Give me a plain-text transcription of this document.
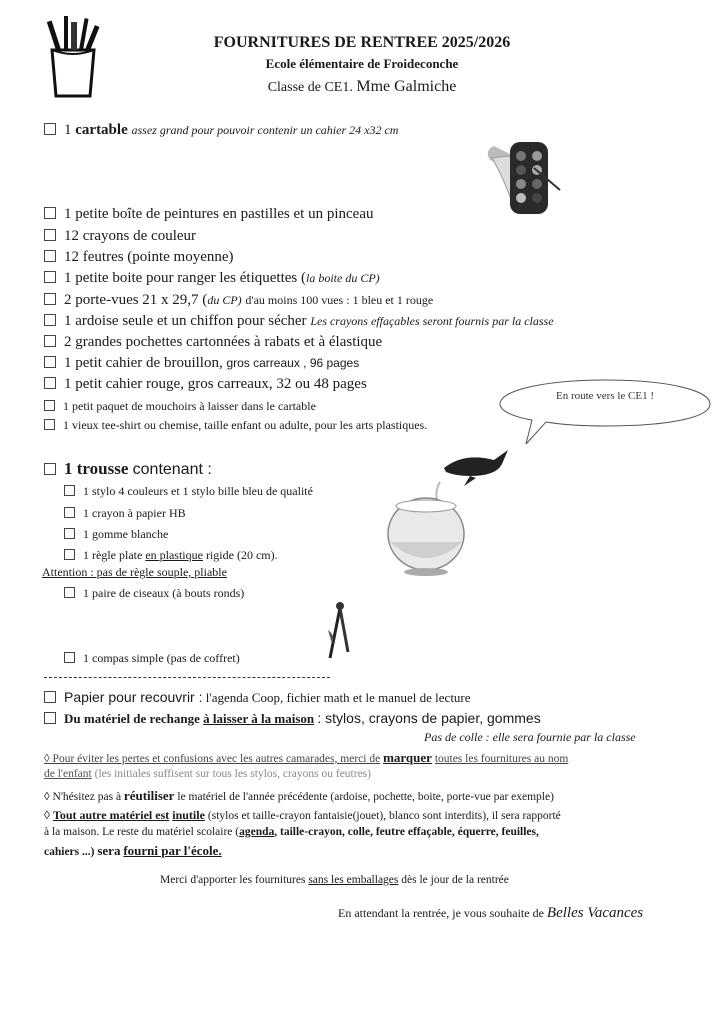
FOURNITURES DE RENTREE 2025/2026
Ecole élémentaire de Froideconche
Classe de CE1. Mme Galmiche
1 cartable assez grand pour pouvoir contenir un cahier 24 x32 cm
1 petite boîte de peintures en pastilles et un pinceau
12 crayons de couleur
12 feutres (pointe moyenne)
1 petite boite pour ranger les étiquettes (la boite du CP)
2 porte-vues 21 x 29,7 (du CP) d'au moins 100 vues : 1 bleu et 1 rouge
1 ardoise seule et un chiffon pour sécher Les crayons effaçables seront fournis par la classe
2 grandes pochettes cartonnées à rabats et à élastique
1 petit cahier de brouillon, gros carreaux , 96 pages
1 petit cahier rouge, gros carreaux, 32 ou 48 pages
1 petit paquet de mouchoirs à laisser dans le cartable
1 vieux tee-shirt ou chemise, taille enfant ou adulte, pour les arts plastiques.
En route vers le CE1 !
1 trousse contenant :
1 stylo 4 couleurs et 1 stylo bille bleu de qualité
1 crayon à papier HB
1 gomme blanche
1 règle plate en plastique rigide (20 cm).
Attention : pas de règle souple, pliable
1 paire de ciseaux (à bouts ronds)
1 compas simple (pas de coffret)
Papier pour recouvrir : l'agenda Coop, fichier math et le manuel de lecture
Du matériel de rechange à laisser à la maison : stylos, crayons de papier, gommes
Pas de colle : elle sera fournie par la classe
◊ Pour éviter les pertes et confusions avec les autres camarades, merci de marquer toutes les fournitures au nom
de l'enfant (les initiales suffisent sur tous les stylos, crayons ou feutres)
◊ N'hésitez pas à réutiliser le matériel de l'année précédente (ardoise, pochette, boite, porte-vue par exemple)
◊ Tout autre matériel est inutile (stylos et taille-crayon fantaisie(jouet), blanco sont interdits), il sera rapporté
à la maison. Le reste du matériel scolaire (agenda, taille-crayon, colle, feutre effaçable, équerre, feuilles,
cahiers ...) sera fourni par l'école.
Merci d'apporter les fournitures sans les emballages dès le jour de la rentrée
En attendant la rentrée, je vous souhaite de Belles Vacances
